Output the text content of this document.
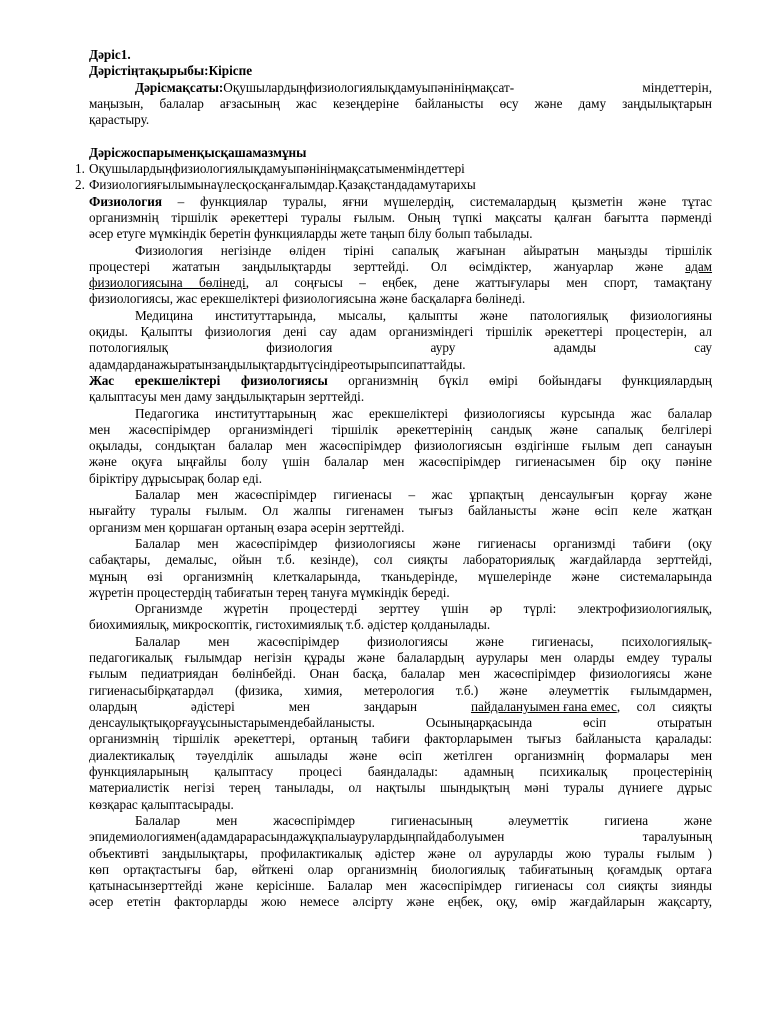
Дәріс1.
Дәрістіңтақырыбы:Кіріспе
Дәрісмақсаты:Оқушылардыңфизиологиялықдамуыпәнініңмақсат- міндеттерін,
маңызын, балалар ағзасының жас кезеңдеріне байланысты өсу және даму заңдылықтарын
қарастыру.
Дәрісжоспарыменқысқашамазмұны
1. Оқушылардыңфизиологиялықдамуыпәнініңмақсатыменміндеттері
2. Физиологияғылымынаүлесқосқанғалымдар.Қазақстандадамутарихы
Физиология – функциялар туралы, яғни мүшелердің, системалардың қызметін және тұтас
организмнің тіршілік әрекеттері туралы ғылым. Оның түпкі мақсаты қалған бағытта пәрменді
әсер етуге мүмкіндік беретін функцияларды жете таңып білу болып табылады.
Физиология негізінде өліден тіріні сапалық жағынан айыратын маңызды тіршілік
процестері жататын заңдылықтарды зерттейді. Ол өсімдіктер, жануарлар және адам
физиологиясына бөлінеді, ал соңғысы – еңбек, дене жаттығулары мен спорт, тамақтану
физиологиясы, жас ерекшеліктері физиологиясына және басқаларға бөлінеді.
Медицина институттарында, мысалы, қалыпты және патологиялық физиологияны
оқиды. Қалыпты физиология дені сау адам организміндегі тіршілік әрекеттері процестерін, ал
потологиялық	физиология	ауру	адамды	сау
адамдарданажыратынзаңдылықтардытүсіндіреотырыпсипаттайды.
Жас ерекшеліктері физиологиясы организмнің бүкіл өмірі бойындағы функциялардың
қалыптасуы мен даму заңдылықтарын зерттейді.
Педагогика институттарының жас ерекшеліктері физиологиясы курсында жас балалар
мен жасөспірімдер организміндегі тіршілік әрекеттерінің сандық және сапалық белгілері
оқылады, сондықтан балалар мен жасөспірімдер физиологиясын өздігінше ғылым деп санауын
және оқуға ыңғайлы болу үшін балалар мен жасөспірімдер гигиенасымен бір оқу пәніне
біріктіру дұрысырақ болар еді.
Балалар мен жасөспірімдер гигиенасы – жас ұрпақтың денсаулығын қорғау және
нығайту туралы ғылым. Ол жалпы гигенамен тығыз байланысты және өсіп келе жатқан
организм мен қоршаған ортаның өзара әсерін зерттейді.
Балалар мен жасөспірімдер физиологиясы және гигиенасы организмді табиғи (оқу
сабақтары, демалыс, ойын т.б. кезінде), сол сияқты лабораториялық жағдайларда зерттейді,
мұның өзі организмнің клеткаларында, тканьдерінде, мүшелерінде және системаларында
жүретін процестердің табиғатын терең тануға мүмкіндік береді.
Организмде жүретін процестерді зерттеу үшін әр түрлі: электрофизиологиялық,
биохимиялық, микроскоптік, гистохимиялық т.б. әдістер қолданылады.
Балалар мен жасөспірімдер физиологиясы және гигиенасы, психологиялық-
педагогикалық ғылымдар негізін құрады және балалардың аурулары мен оларды емдеу туралы
ғылым педиатриядан бөлінбейді. Онан басқа, балалар мен жасөспірімдер физиологиясы және
гигиенасыбірқатардəл (физика, химия, метерология т.б.) және әлеуметтік ғылымдармен,
олардың	әдістері	мен	заңдарын	пайдалануымен ғана емес,     сол     сияқты
денсаулықтықорғауұсыныстарымендебайланысты.	Осыныңарқасында	өсіп	отыратын
организмнің тіршілік әрекеттері, ортаның табиғи факторларымен тығыз байланыста қаралады:
диалектикалық тәуелділік ашылады және өсіп жетілген организмнің формалары мен
функцияларының қалыптасу процесі баяндалады: адамның психикалық процестерінің
материалистік негізі терең танылады, ол нақтылы шындықтың мәні туралы дүниеге дұрыс
көзқарас қалыптасырады.
Балалар	мен	жасөспірімдер	гигиенасының	әлеуметтік	гигиена	және
эпидемиологиямен(адамдарарасындажұқпалыаурулардыңпайдаболуымен	таралуының
объективті заңдылықтары, профилактикалық әдістер және ол ауруларды жою туралы ғылым )
көп ортақтастығы бар, өйткені олар организмнің биологиялық табиғатының қоғамдық ортаға
қатынасынзерттейді және керісінше. Балалар мен жасөспірімдер гигиенасы сол сияқты зиянды
әсер ететін факторларды жою немесе әлсірту және еңбек, оқу, өмір жағдайларын жақсарту,
